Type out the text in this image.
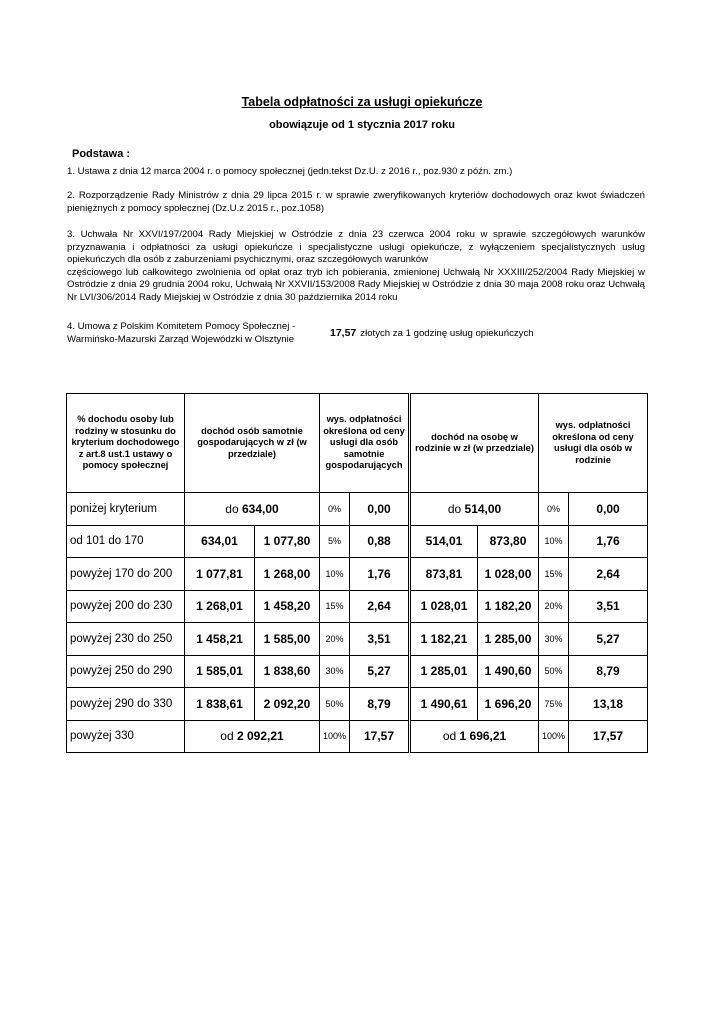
Tabela odpłatności za usługi opiekuńcze
obowiązuje od 1 stycznia 2017 roku
Podstawa :
1. Ustawa z dnia 12 marca 2004 r. o pomocy społecznej (jedn.tekst Dz.U. z 2016 r., poz.930 z późn. zm.)
2. Rozporządzenie Rady Ministrów z dnia 29 lipca 2015 r. w sprawie zweryfikowanych kryteriów dochodowych oraz kwot świadczeń pieniężnych z pomocy społecznej (Dz.U.z 2015 r., poz.1058)
3. Uchwała Nr XXVI/197/2004 Rady Miejskiej w Ostródzie z dnia 23 czerwca 2004 roku w sprawie szczegółowych warunków przyznawania i odpłatności za usługi opiekuńcze i specjalistyczne usługi opiekuńcze, z wyłączeniem specjalistycznych usług opiekuńczych dla osób z zaburzeniami psychicznymi, oraz szczegółowych warunków
częściowego lub całkowitego zwolnienia od opłat oraz tryb ich pobierania, zmienionej Uchwałą Nr XXXIII/252/2004 Rady Miejskiej w Ostródzie z dnia 29 grudnia 2004 roku, Uchwałą Nr XXVII/153/2008 Rady Miejskiej w Ostródzie z dnia 30 maja 2008 roku oraz Uchwałą Nr LVI/306/2014 Rady Miejskiej w Ostródzie z dnia 30 października 2014 roku
4. Umowa z Polskim Komitetem Pomocy Społecznej - Warmińsko-Mazurski Zarząd Wojewódzki w Olsztynie	17,57 złotych za 1 godzinę usług opiekuńczych
% dochodu osoby lub rodziny w stosunku do kryterium dochodowego z art.8 ust.1 ustawy o pomocy społecznej	dochód osób samotnie gospodarujących w zł (w przedziale)		wys. odpłatności określona od ceny usługi dla osób samotnie gospodarujących		dochód na osobę w rodzinie w zł (w przedziale)		wys. odpłatności określona od ceny usługi dla osób w rodzinie	
poniżej kryterium	do 634,00		0%	0,00	do 514,00		0%	0,00
od 101 do 170	634,01	1 077,80	5%	0,88	514,01	873,80	10%	1,76
powyżej 170 do 200	1 077,81	1 268,00	10%	1,76	873,81	1 028,00	15%	2,64
powyżej 200 do 230	1 268,01	1 458,20	15%	2,64	1 028,01	1 182,20	20%	3,51
powyżej 230 do 250	1 458,21	1 585,00	20%	3,51	1 182,21	1 285,00	30%	5,27
powyżej 250 do 290	1 585,01	1 838,60	30%	5,27	1 285,01	1 490,60	50%	8,79
powyżej 290 do 330	1 838,61	2 092,20	50%	8,79	1 490,61	1 696,20	75%	13,18
powyżej 330	od 2 092,21		100%	17,57	od 1 696,21		100%	17,57
